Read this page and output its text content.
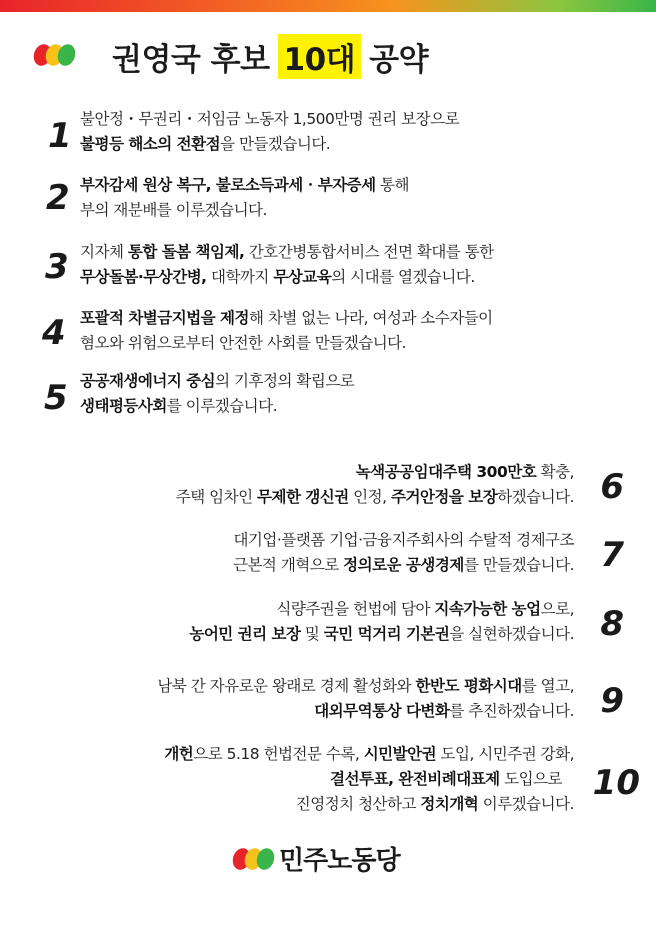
권영국 후보 10대 공약
1 불안정・무권리・저임금 노동자 1,500만명 권리 보장으로
불평등 해소의 전환점을 만들겠습니다.
2 부자감세 원상 복구, 불로소득과세・부자증세 통해
부의 재분배를 이루겠습니다.
3 지자체 통합 돌봄 책임제, 간호간병통합서비스 전면 확대를 통한
무상돌봄·무상간병, 대학까지 무상교육의 시대를 열겠습니다.
4 포괄적 차별금지법을 제정해 차별 없는 나라, 여성과 소수자들이
혐오와 위험으로부터 안전한 사회를 만들겠습니다.
5 공공재생에너지 중심의 기후정의 확립으로
생태평등사회를 이루겠습니다.
6
녹색공공임대주택 300만호 확충,
주택 임차인 무제한 갱신권 인정, 주거안정을 보장하겠습니다.
7
대기업·플랫폼 기업·금융지주회사의 수탈적 경제구조
근본적 개혁으로 정의로운 공생경제를 만들겠습니다.
8
식량주권을 헌법에 담아 지속가능한 농업으로,
농어민 권리 보장 및 국민 먹거리 기본권을 실현하겠습니다.
9
남북 간 자유로운 왕래로 경제 활성화와 한반도 평화시대를 열고,
대외무역통상 다변화를 추진하겠습니다.
10
개헌으로 5.18 헌법전문 수록, 시민발안권 도입, 시민주권 강화,
결선투표, 완전비례대표제 도입으로
진영정치 청산하고 정치개혁 이루겠습니다.
민주노동당
